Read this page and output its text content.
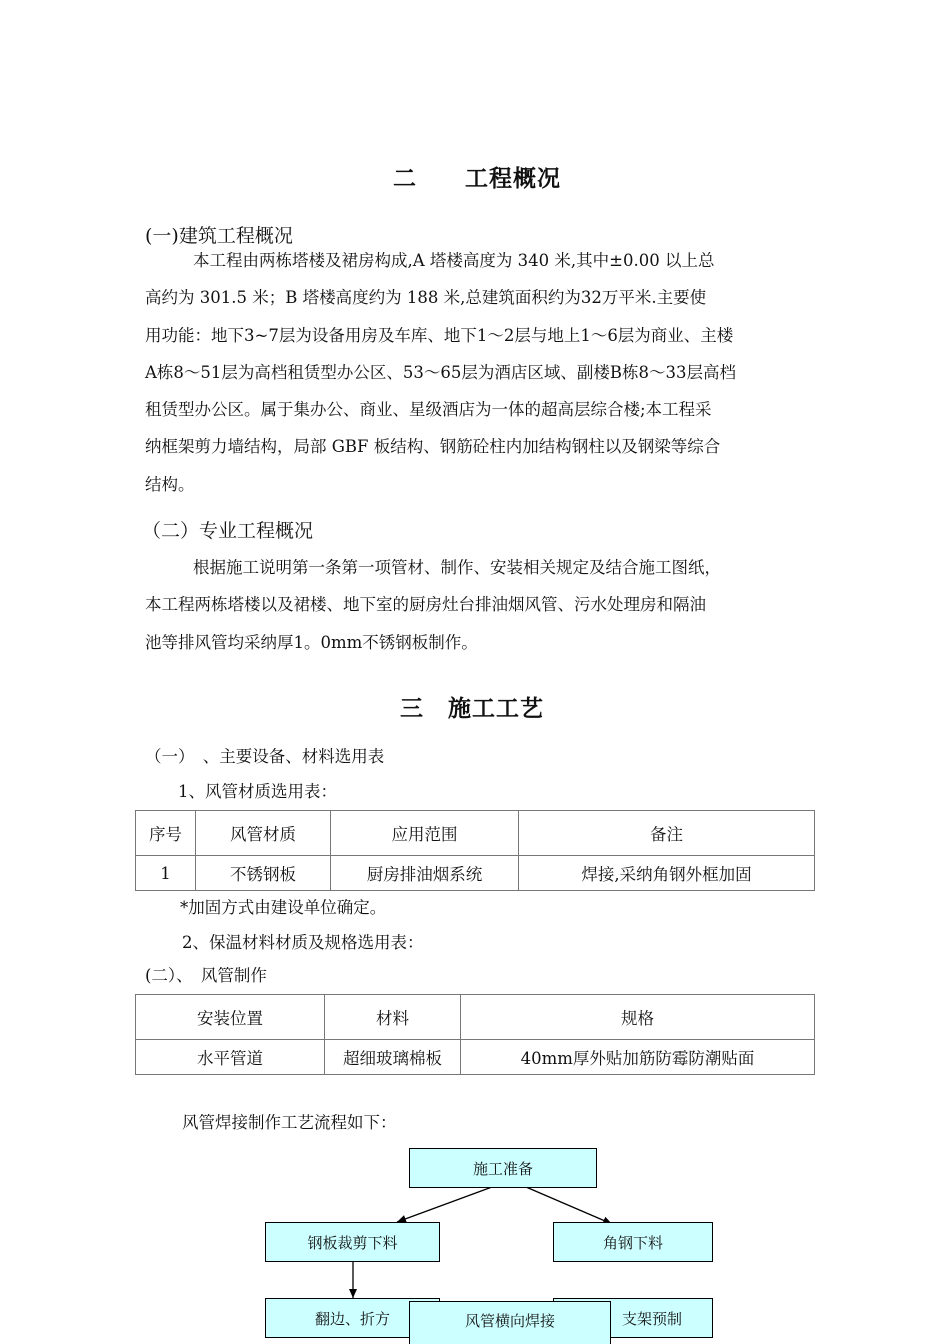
二　　工程概况
(一)建筑工程概况

本工程由两栋塔楼及裙房构成,A 塔楼高度为 340 米,其中±0.00 以上总

高约为 301.5 米；B 塔楼高度约为 188 米,总建筑面积约为32万平米.主要使

用功能：地下3~7层为设备用房及车库、地下1～2层与地上1～6层为商业、主楼

A栋8～51层为高档租赁型办公区、53～65层为酒店区域、副楼B栋8～33层高档

租赁型办公区。属于集办公、商业、星级酒店为一体的超高层综合楼;本工程采

纳框架剪力墙结构，局部 GBF 板结构、钢筋砼柱内加结构钢柱以及钢梁等综合

结构。

（二）专业工程概况

根据施工说明第一条第一项管材、制作、安装相关规定及结合施工图纸，

本工程两栋塔楼以及裙楼、地下室的厨房灶台排油烟风管、污水处理房和隔油

池等排风管均采纳厚1。0mm不锈钢板制作。

三　施工工艺
（一）　、主要设备、材料选用表
1、风管材质选用表：
序号	风管材质	应用范围	备注
1	不锈钢板	厨房排油烟系统	焊接,采纳角钢外框加固
*加固方式由建设单位确定。
2、保温材料材质及规格选用表：
(二）、　风管制作
安装位置	材料	规格
水平管道	超细玻璃棉板	40mm厚外贴加筋防霉防潮贴面
风管焊接制作工艺流程如下：
施工准备
钢板裁剪下料	角钢下料
翻边、折方	支架预制
风管横向焊接
